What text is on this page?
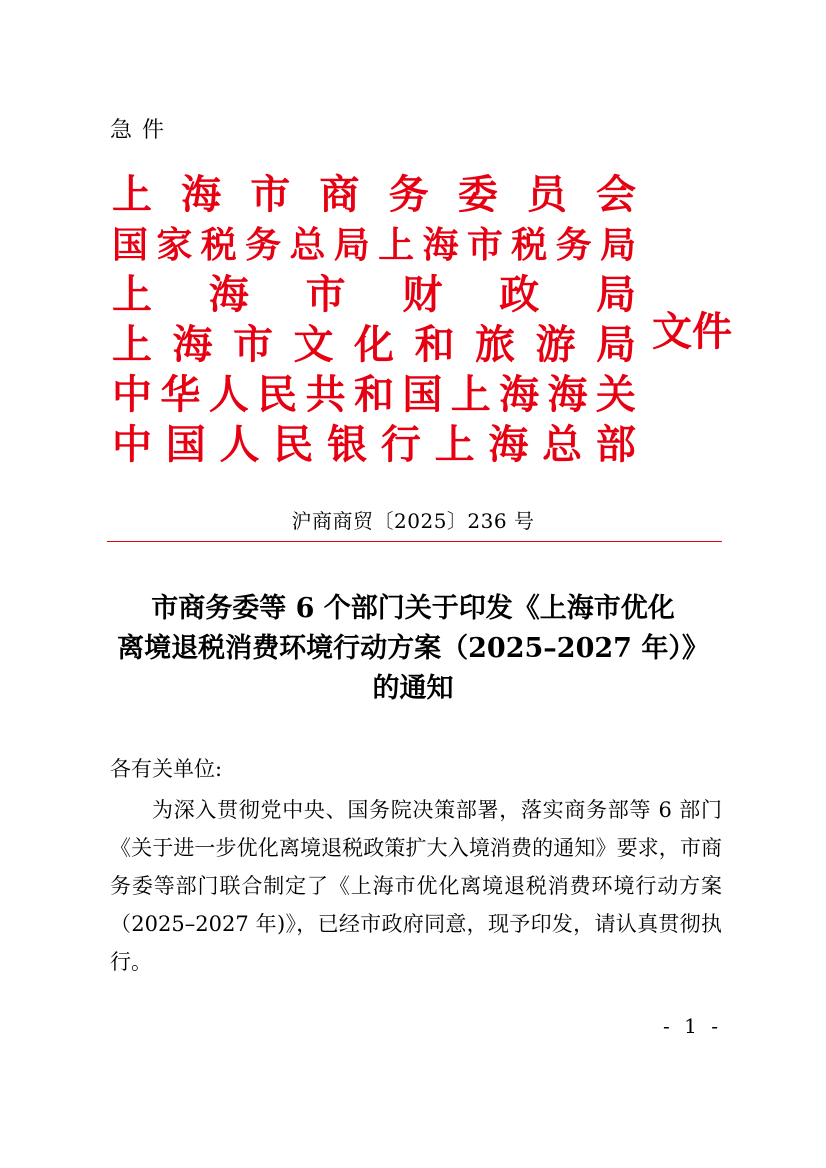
急件
上 海 市 商 务 委 员 会
国 家 税 务 总 局 上 海 市 税 务 局
上 海 市 财 政 局
上 海 市 文 化 和 旅 游 局
中 华 人 民 共 和 国 上 海 海 关
中 国 人 民 银 行 上 海 总 部
文件
沪商商贸〔2025〕236 号
市商务委等 6 个部门关于印发《上海市优化
离境退税消费环境行动方案（2025–2027 年）》
的通知
各有关单位:
为深入贯彻党中央、国务院决策部署，落实商务部等 6 部门《关于进一步优化离境退税政策扩大入境消费的通知》要求，市商务委等部门联合制定了《上海市优化离境退税消费环境行动方案（2025–2027 年)》，已经市政府同意，现予印发，请认真贯彻执行。
- 1 -
